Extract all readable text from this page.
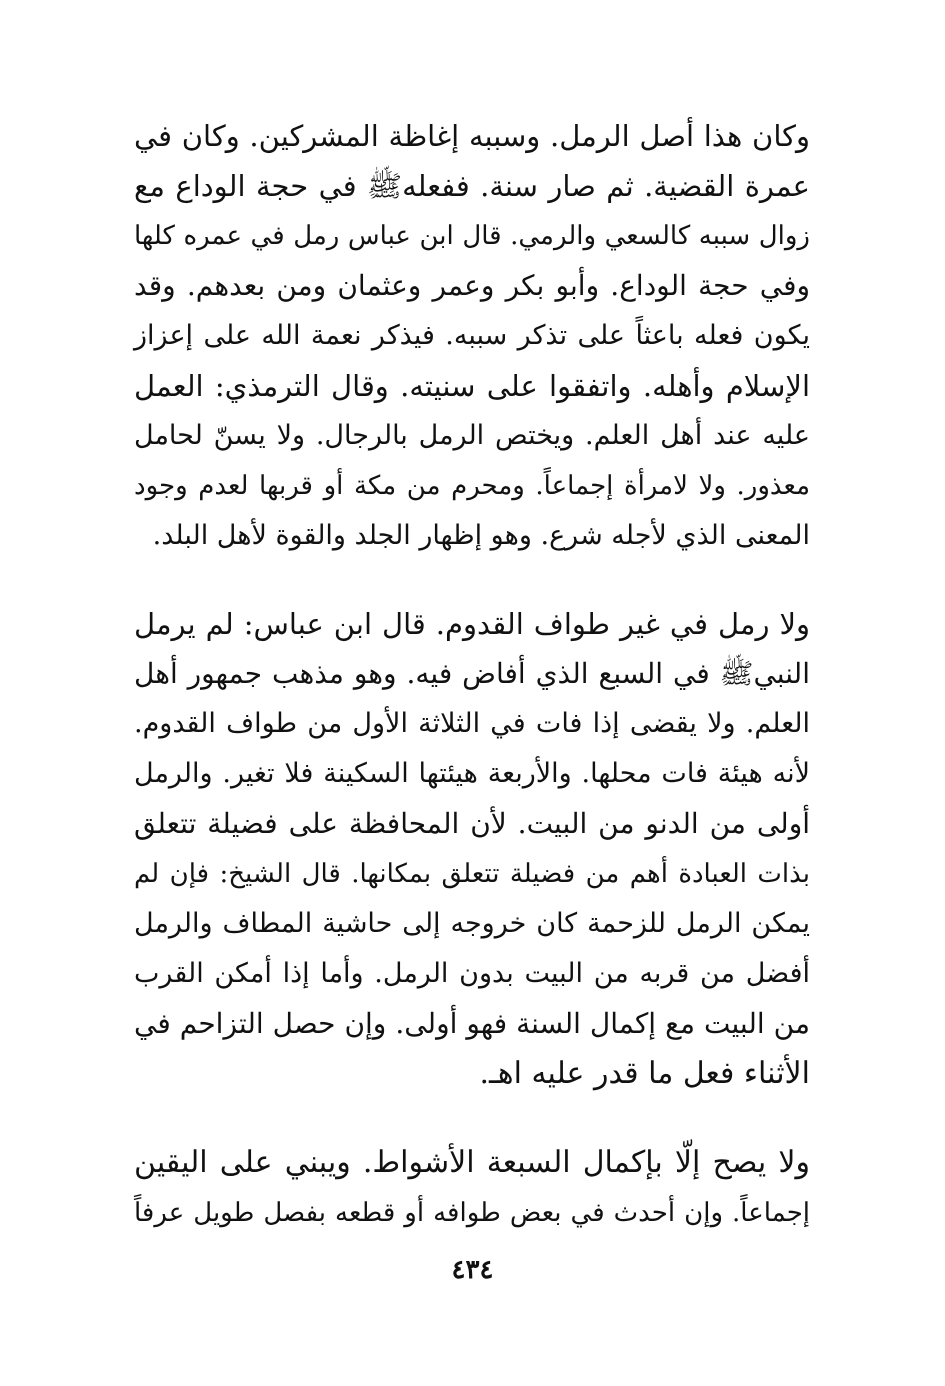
وكان هذا أصل الرمل. وسببه إغاظة المشركين. وكان في
عمرة القضية. ثم صار سنة. ففعلهﷺ في حجة الوداع مع
زوال سببه كالسعي والرمي. قال ابن عباس رمل في عمره كلها
وفي حجة الوداع. وأبو بكر وعمر وعثمان ومن بعدهم. وقد
يكون فعله باعثاً على تذكر سببه. فيذكر نعمة الله على إعزاز
الإسلام وأهله. واتفقوا على سنيته. وقال الترمذي: العمل
عليه عند أهل العلم. ويختص الرمل بالرجال. ولا يسنّ لحامل
معذور. ولا لامرأة إجماعاً. ومحرم من مكة أو قربها لعدم وجود
المعنى الذي لأجله شرع. وهو إظهار الجلد والقوة لأهل البلد.
ولا رمل في غير طواف القدوم. قال ابن عباس: لم يرمل
النبيﷺ في السبع الذي أفاض فيه. وهو مذهب جمهور أهل
العلم. ولا يقضى إذا فات في الثلاثة الأول من طواف القدوم.
لأنه هيئة فات محلها. والأربعة هيئتها السكينة فلا تغير. والرمل
أولى من الدنو من البيت. لأن المحافظة على فضيلة تتعلق
بذات العبادة أهم من فضيلة تتعلق بمكانها. قال الشيخ: فإن لم
يمكن الرمل للزحمة كان خروجه إلى حاشية المطاف والرمل
أفضل من قربه من البيت بدون الرمل. وأما إذا أمكن القرب
من البيت مع إكمال السنة فهو أولى. وإن حصل التزاحم في
الأثناء فعل ما قدر عليه اهـ.
ولا يصح إلّا بإكمال السبعة الأشواط. ويبني على اليقين
إجماعاً. وإن أحدث في بعض طوافه أو قطعه بفصل طويل عرفاً
٤٣٤
